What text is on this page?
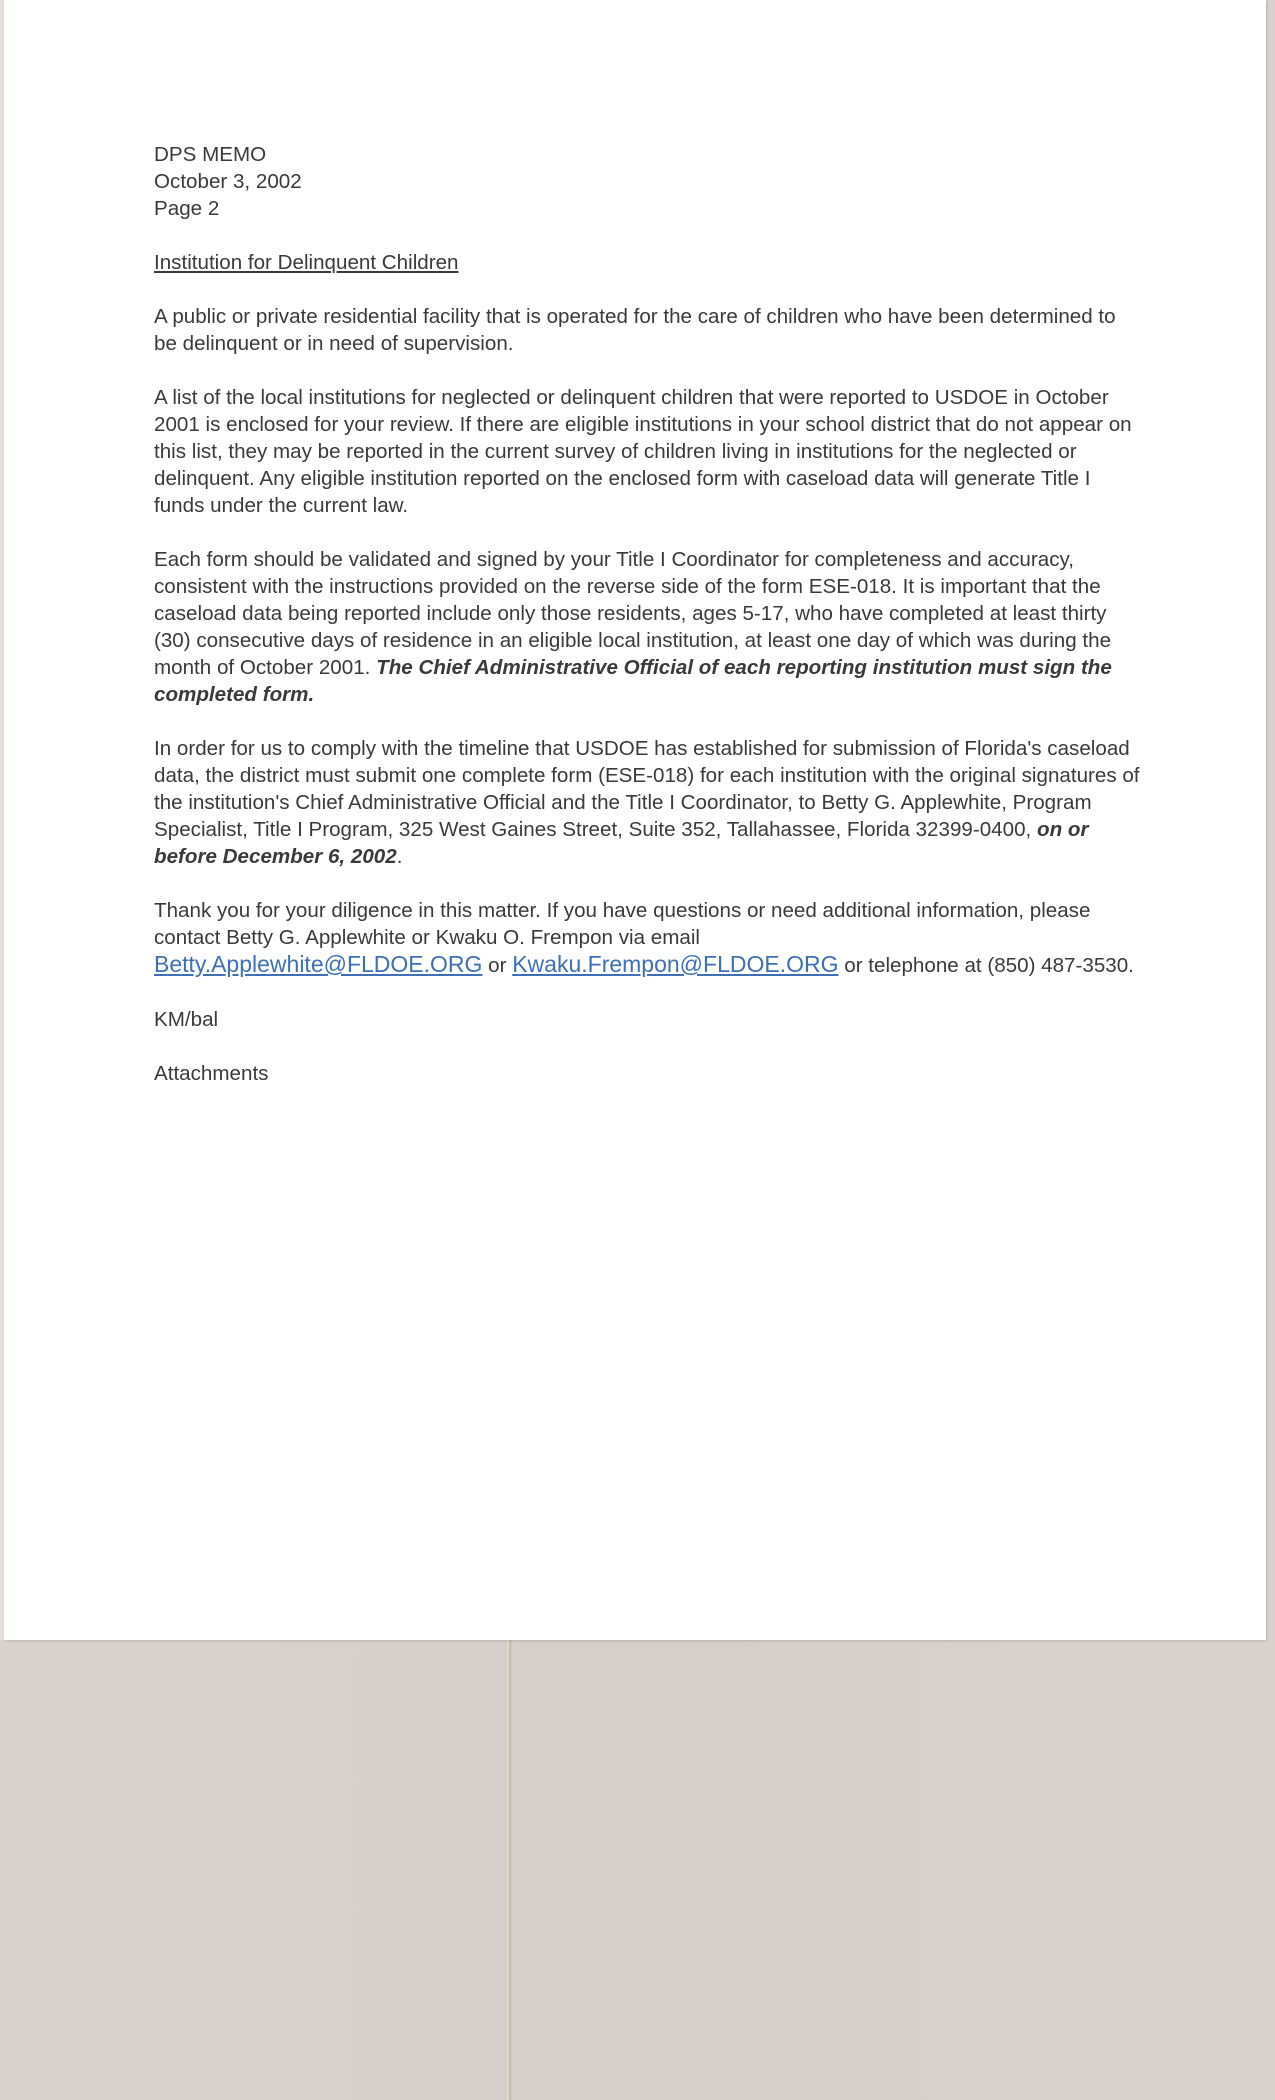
DPS MEMO
October 3, 2002
Page 2

Institution for Delinquent Children

A public or private residential facility that is operated for the care of children who have been determined to be delinquent or in need of supervision.

A list of the local institutions for neglected or delinquent children that were reported to USDOE in October 2001 is enclosed for your review. If there are eligible institutions in your school district that do not appear on this list, they may be reported in the current survey of children living in institutions for the neglected or delinquent. Any eligible institution reported on the enclosed form with caseload data will generate Title I funds under the current law.

Each form should be validated and signed by your Title I Coordinator for completeness and accuracy, consistent with the instructions provided on the reverse side of the form ESE-018. It is important that the caseload data being reported include only those residents, ages 5-17, who have completed at least thirty (30) consecutive days of residence in an eligible local institution, at least one day of which was during the month of October 2001. The Chief Administrative Official of each reporting institution must sign the completed form.

In order for us to comply with the timeline that USDOE has established for submission of Florida's caseload data, the district must submit one complete form (ESE-018) for each institution with the original signatures of the institution's Chief Administrative Official and the Title I Coordinator, to Betty G. Applewhite, Program Specialist, Title I Program, 325 West Gaines Street, Suite 352, Tallahassee, Florida 32399-0400, on or before December 6, 2002.

Thank you for your diligence in this matter. If you have questions or need additional information, please contact Betty G. Applewhite or Kwaku O. Frempon via email
Betty.Applewhite@FLDOE.ORG or Kwaku.Frempon@FLDOE.ORG or telephone at (850) 487-3530.

KM/bal

Attachments
